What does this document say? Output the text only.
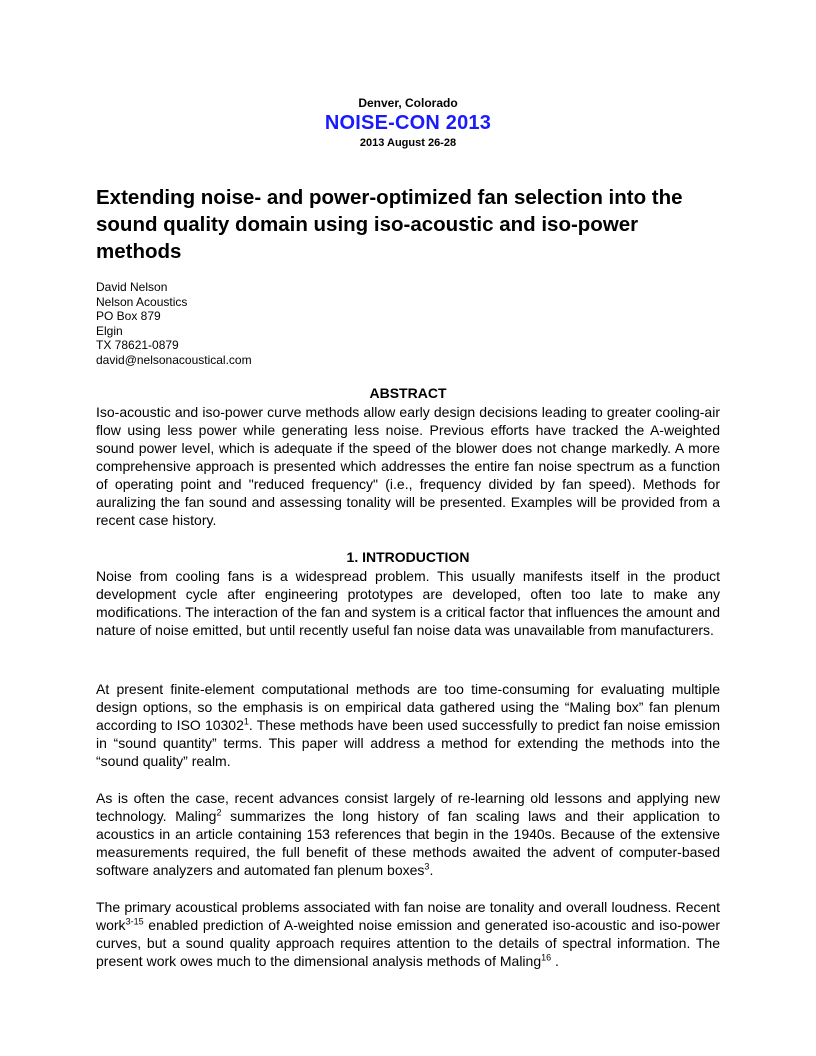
Denver, Colorado
NOISE-CON 2013
2013 August 26-28
Extending noise- and power-optimized fan selection into the sound quality domain using iso-acoustic and iso-power methods
David Nelson
Nelson Acoustics
PO Box 879
Elgin
TX 78621-0879
david@nelsonacoustical.com
ABSTRACT

Iso-acoustic and iso-power curve methods allow early design decisions leading to greater cooling-air flow using less power while generating less noise. Previous efforts have tracked the A-weighted sound power level, which is adequate if the speed of the blower does not change markedly. A more comprehensive approach is presented which addresses the entire fan noise spectrum as a function of operating point and "reduced frequency" (i.e., frequency divided by fan speed). Methods for auralizing the fan sound and assessing tonality will be presented. Examples will be provided from a recent case history.

1. INTRODUCTION

Noise from cooling fans is a widespread problem. This usually manifests itself in the product development cycle after engineering prototypes are developed, often too late to make any modifications. The interaction of the fan and system is a critical factor that influences the amount and nature of noise emitted, but until recently useful fan noise data was unavailable from manufacturers.

At present finite-element computational methods are too time-consuming for evaluating multiple design options, so the emphasis is on empirical data gathered using the “Maling box” fan plenum according to ISO 10302$^1$. These methods have been used successfully to predict fan noise emission in “sound quantity” terms. This paper will address a method for extending the methods into the “sound quality” realm.

As is often the case, recent advances consist largely of re-learning old lessons and applying new technology. Maling$^2$ summarizes the long history of fan scaling laws and their application to acoustics in an article containing 153 references that begin in the 1940s. Because of the extensive measurements required, the full benefit of these methods awaited the advent of computer-based software analyzers and automated fan plenum boxes$^3$.

The primary acoustical problems associated with fan noise are tonality and overall loudness. Recent work$^{3-15}$ enabled prediction of A-weighted noise emission and generated iso-acoustic and iso-power curves, but a sound quality approach requires attention to the details of spectral information. The present work owes much to the dimensional analysis methods of Maling$^{16}$ .
